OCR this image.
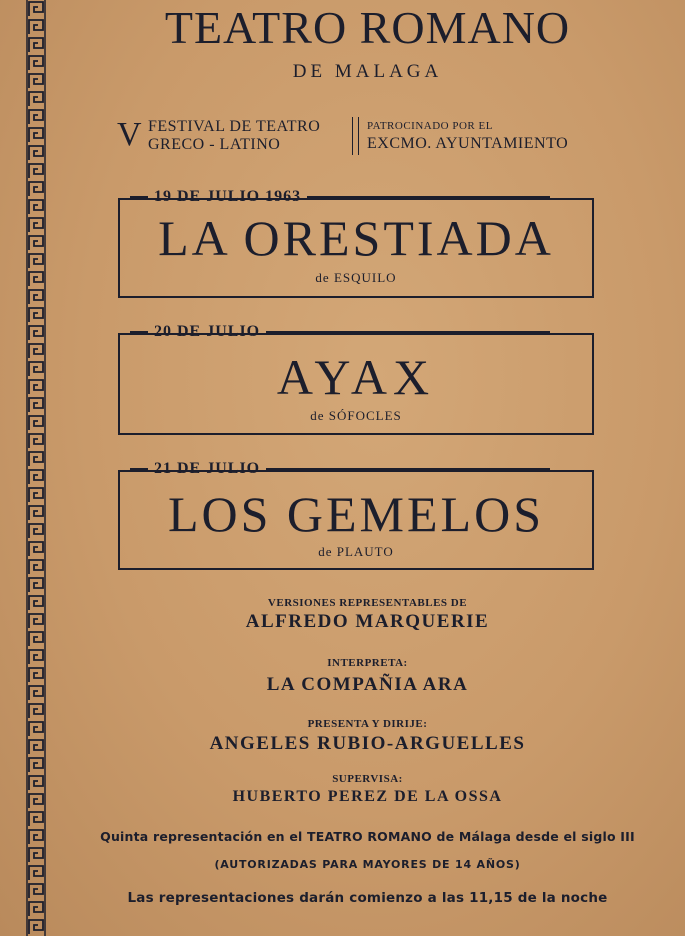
TEATRO ROMANO
DE MALAGA
V FESTIVAL DE TEATRO
GRECO - LATINO
PATROCINADO POR EL
EXCMO. AYUNTAMIENTO
19 DE JULIO 1963
LA ORESTIADA
de ESQUILO
20 DE JULIO
AYAX
de SÓFOCLES
21 DE JULIO
LOS GEMELOS
de PLAUTO
VERSIONES REPRESENTABLES DE
ALFREDO MARQUERIE
INTERPRETA:
LA COMPAÑIA ARA
PRESENTA Y DIRIJE:
ANGELES RUBIO-ARGUELLES
SUPERVISA:
HUBERTO PEREZ DE LA OSSA
Quinta representación en el TEATRO ROMANO de Málaga desde el siglo III
(AUTORIZADAS PARA MAYORES DE 14 AÑOS)
Las representaciones darán comienzo a las 11,15 de la noche
